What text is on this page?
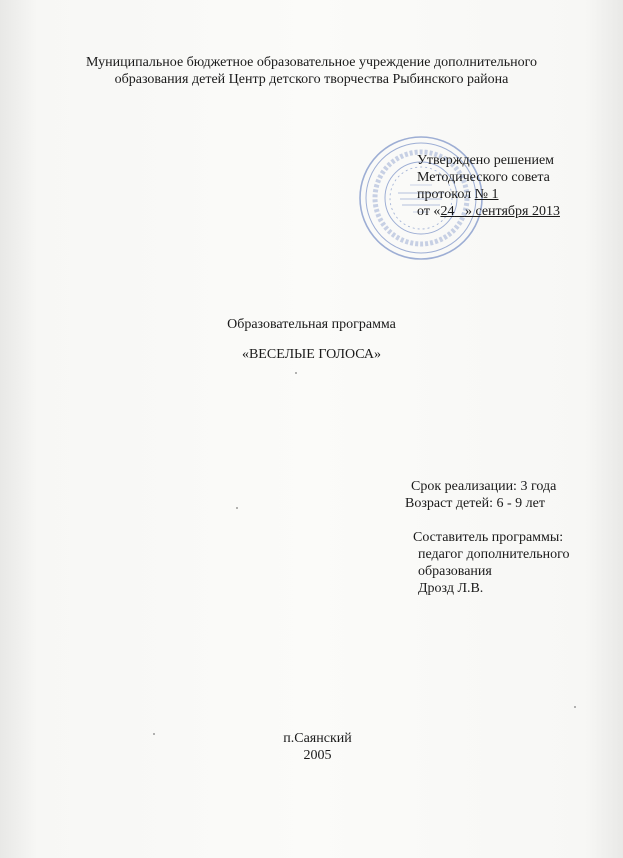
Муниципальное бюджетное образовательное учреждение дополнительного
образования детей Центр детского творчества Рыбинского района
Утверждено решением
Методического совета
протокол № 1
от «24 » сентября 2013
Образовательная программа
«ВЕСЕЛЫЕ ГОЛОСА»
Срок реализации: 3 года
Возраст детей: 6 - 9 лет
Составитель программы:
педагог дополнительного
образования
Дрозд Л.В.
п.Саянский
2005
